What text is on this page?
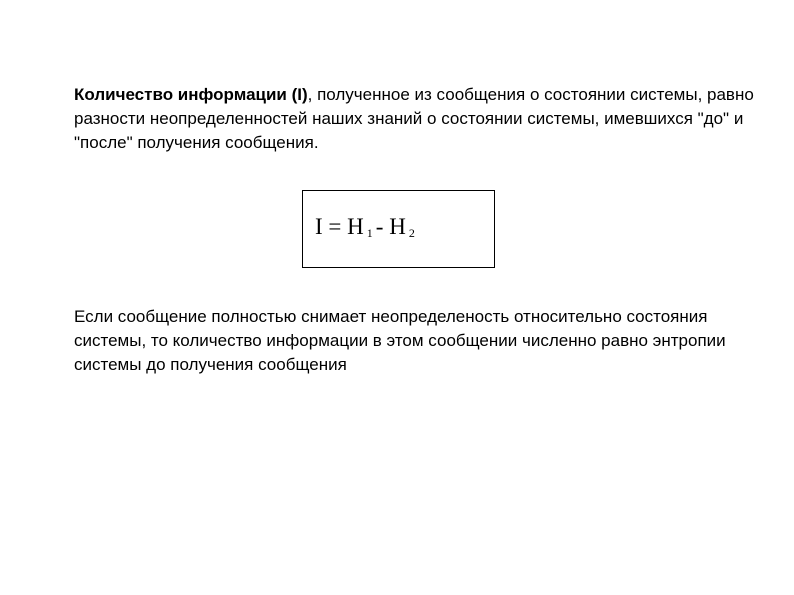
Количество информации (I), полученное из сообщения о состоянии системы, равно разности неопределенностей наших знаний о состоянии системы, имевшихся "до" и "после" получения сообщения.

I = H $_1$ - H $_2$

Если сообщение полностью снимает неопределеность относительно состояния системы, то количество информации в этом сообщении численно равно энтропии системы до получения сообщения
